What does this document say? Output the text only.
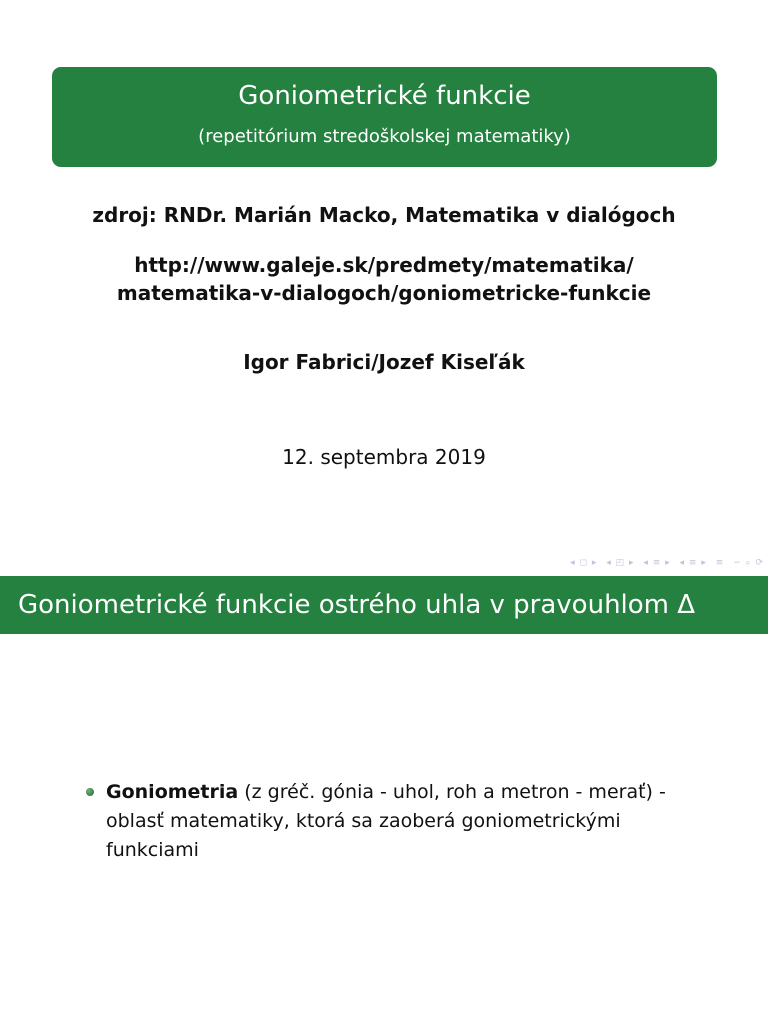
Goniometrické funkcie
(repetitórium stredoškolskej matematiky)
zdroj: RNDr. Marián Macko, Matematika v dialógoch
http://www.galeje.sk/predmety/matematika/
matematika-v-dialogoch/goniometricke-funkcie
Igor Fabrici/Jozef Kiseľák
12. septembra 2019
◂ ◻ ▸ ◂ ◰ ▸ ◂ ≡ ▸ ◂ ≡ ▸ ≡ ∽ ⌕ ⟳
Goniometrické funkcie ostrého uhla v pravouhlom Δ
Goniometria (z gréč. gónia - uhol, roh a metron - merať) - oblasť matematiky, ktorá sa zaoberá goniometrickými funkciami
